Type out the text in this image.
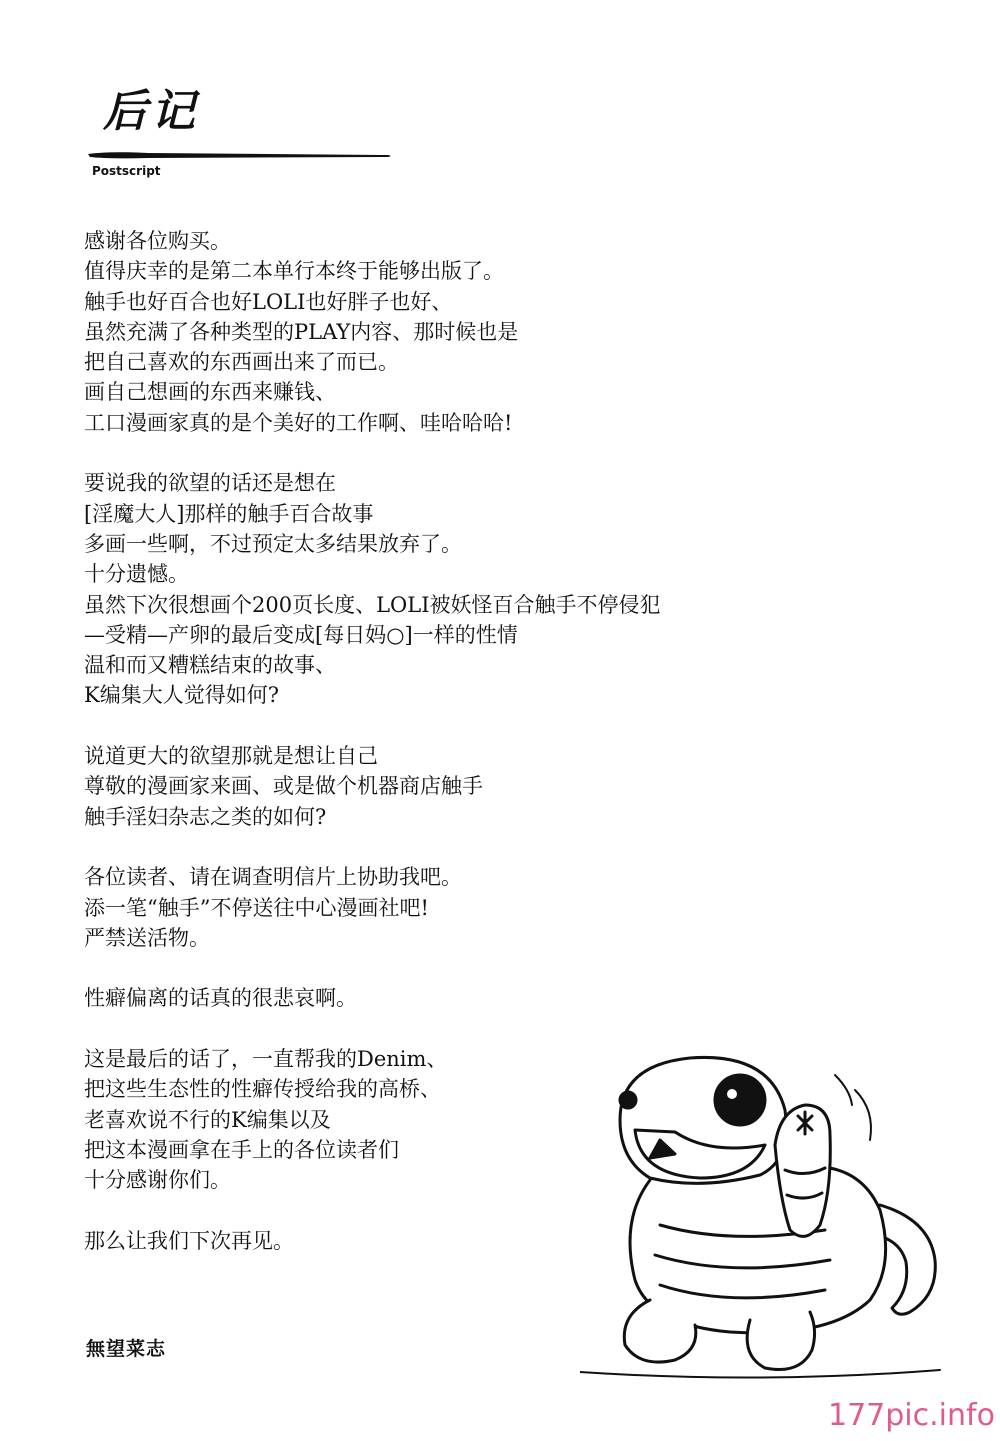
后记
Postscript
感谢各位购买。
值得庆幸的是第二本单行本终于能够出版了。
触手也好百合也好LOLI也好胖子也好、
虽然充满了各种类型的PLAY内容、那时候也是
把自己喜欢的东西画出来了而已。
画自己想画的东西来赚钱、
工口漫画家真的是个美好的工作啊、哇哈哈哈!
要说我的欲望的话还是想在
[淫魔大人]那样的触手百合故事
多画一些啊，不过预定太多结果放弃了。
十分遗憾。
虽然下次很想画个200页长度、LOLI被妖怪百合触手不停侵犯
—受精—产卵的最后变成[每日妈○]一样的性情
温和而又糟糕结束的故事、
K编集大人觉得如何?
说道更大的欲望那就是想让自己
尊敬的漫画家来画、或是做个机器商店触手
触手淫妇杂志之类的如何?
各位读者、请在调查明信片上协助我吧。
添一笔“触手”不停送往中心漫画社吧!
严禁送活物。
性癖偏离的话真的很悲哀啊。
这是最后的话了，一直帮我的Denim、
把这些生态性的性癖传授给我的高桥、
老喜欢说不行的K编集以及
把这本漫画拿在手上的各位读者们
十分感谢你们。
那么让我们下次再见。
無望菜志
177pic.info
